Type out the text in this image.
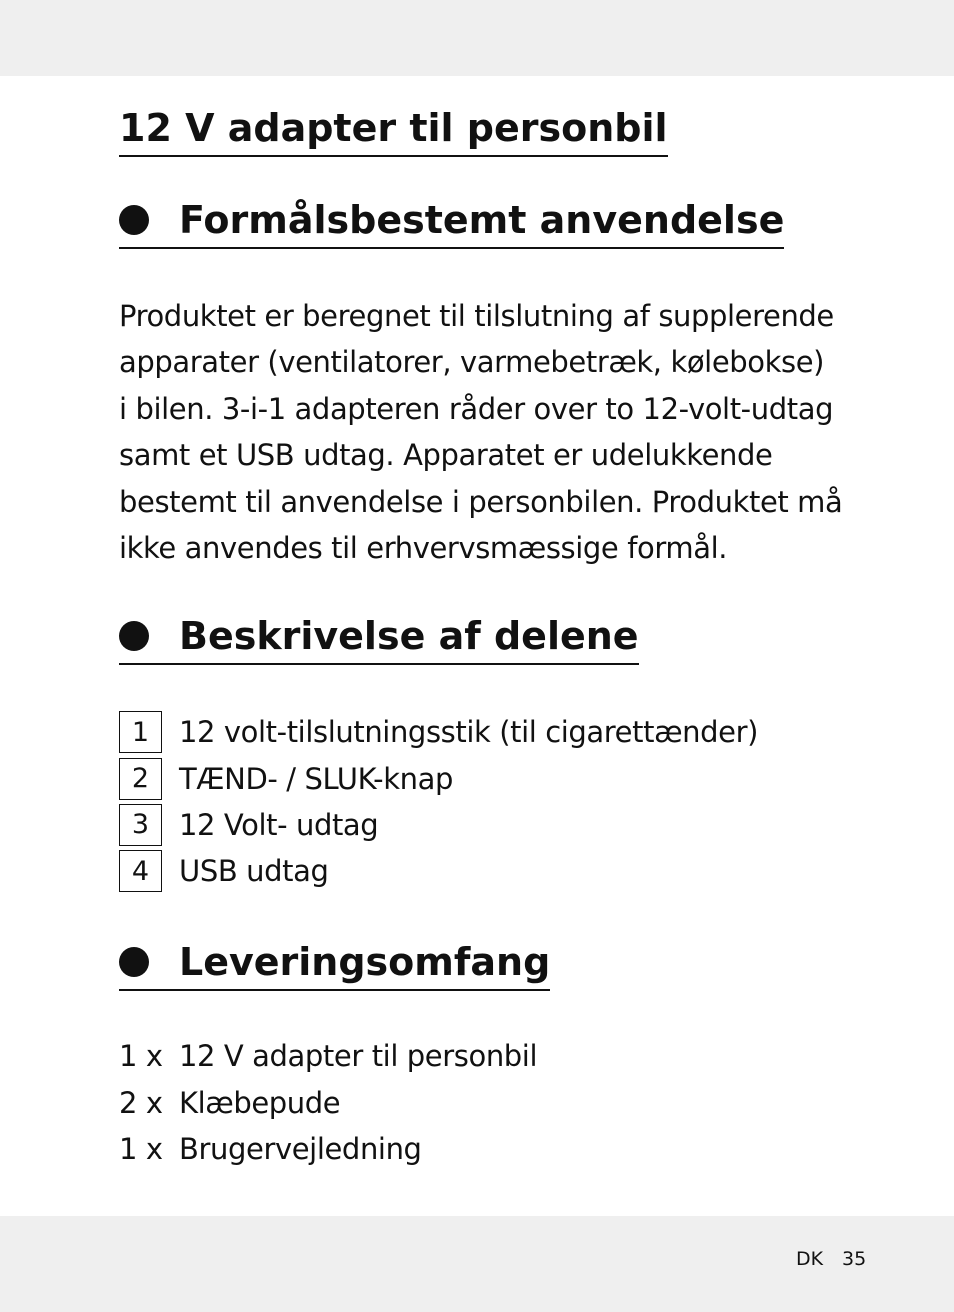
12 V adapter til personbil
Formålsbestemt anvendelse
Produktet er beregnet til tilslutning af supplerende
apparater (ventilatorer, varmebetræk, kølebokse)
i bilen. 3-i-1 adapteren råder over to 12-volt-udtag
samt et USB udtag. Apparatet er udelukkende
bestemt til anvendelse i personbilen. Produktet må
ikke anvendes til erhvervsmæssige formål.
Beskrivelse af delene
1	12 volt-tilslutningsstik (til cigarettænder)
2	TÆND- / SLUK-knap
3	12 Volt- udtag
4	USB udtag
Leveringsomfang
1 x 12 V adapter til personbil
2 x Klæbepude
1 x Brugervejledning
DK 35
